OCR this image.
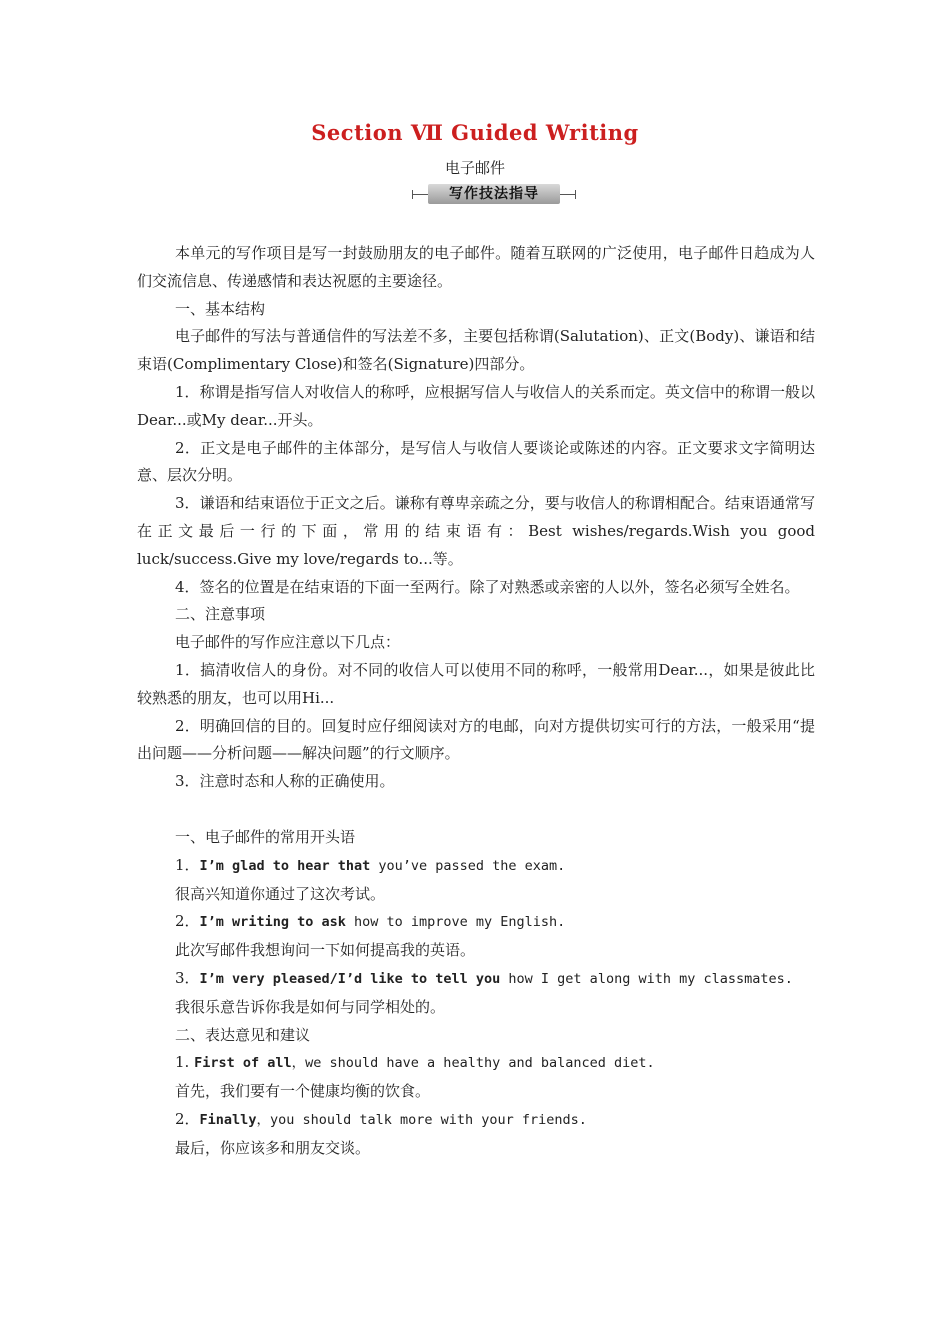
Section Ⅶ Guided Writing
电子邮件
写作技法指导

本单元的写作项目是写一封鼓励朋友的电子邮件。随着互联网的广泛使用，电子邮件日趋成为人们交流信息、传递感情和表达祝愿的主要途径。

一、基本结构

电子邮件的写法与普通信件的写法差不多，主要包括称谓(Salutation)、正文(Body)、谦语和结束语(Complimentary Close)和签名(Signature)四部分。

1．称谓是指写信人对收信人的称呼，应根据写信人与收信人的关系而定。英文信中的称谓一般以Dear...或My dear...开头。

2．正文是电子邮件的主体部分，是写信人与收信人要谈论或陈述的内容。正文要求文字简明达意、层次分明。

3．谦语和结束语位于正文之后。谦称有尊卑亲疏之分，要与收信人的称谓相配合。结束语通常写在正文最后一行的下面，常用的结束语有：Best wishes/regards.Wish you good luck/success.Give my love/regards to...等。

4．签名的位置是在结束语的下面一至两行。除了对熟悉或亲密的人以外，签名必须写全姓名。

二、注意事项

电子邮件的写作应注意以下几点：

1．搞清收信人的身份。对不同的收信人可以使用不同的称呼，一般常用Dear...，如果是彼此比较熟悉的朋友，也可以用Hi...

2．明确回信的目的。回复时应仔细阅读对方的电邮，向对方提供切实可行的方法，一般采用“提出问题——分析问题——解决问题”的行文顺序。

3．注意时态和人称的正确使用。

一、电子邮件的常用开头语

1．I’m glad to hear that you’ve passed the exam.

很高兴知道你通过了这次考试。

2．I’m writing to ask how to improve my English.

此次写邮件我想询问一下如何提高我的英语。

3．I’m very pleased/I’d like to tell you how I get along with my classmates.

我很乐意告诉你我是如何与同学相处的。

二、表达意见和建议

1. First of all，we should have a healthy and balanced diet.

首先，我们要有一个健康均衡的饮食。

2．Finally，you should talk more with your friends.

最后，你应该多和朋友交谈。
